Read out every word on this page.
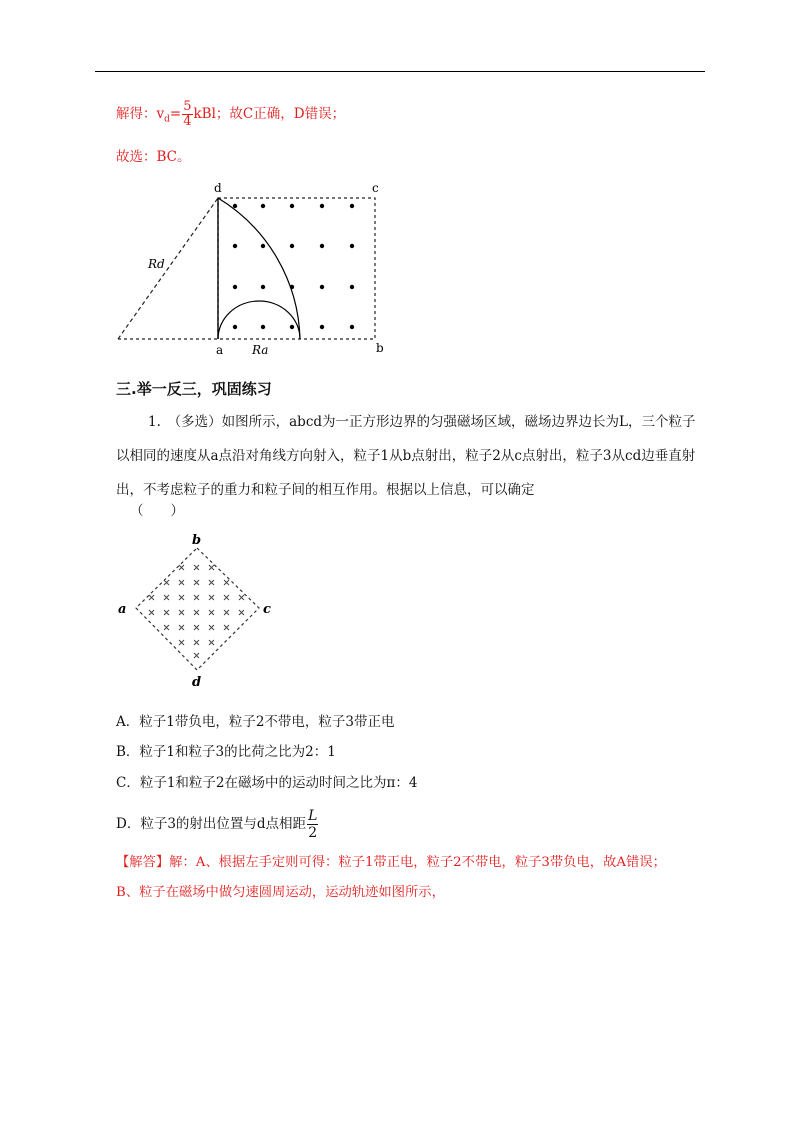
解得：$v_d= \frac{5}{4}$ kBl；故C正确，D错误；
故选：BC。
d	c
a	b
Rd
Ra
三.举一反三，巩固练习
1.　（多选）如图所示，abcd为一正方形边界的匀强磁场区域，磁场边界边长为L，三个粒子以相同的速度从a点沿对角线方向射入，粒子1从b点射出，粒子2从c点射出，粒子3从cd边垂直射出，不考虑粒子的重力和粒子间的相互作用。根据以上信息，可以确定
（　　）
b
a	c
d
A．粒子1带负电，粒子2不带电，粒子3带正电
B．粒子1和粒子3的比荷之比为2：1
C．粒子1和粒子2在磁场中的运动时间之比为π：4
D．粒子3的射出位置与d点相距 $\frac{L}{2}$
【解答】解：A、根据左手定则可得：粒子1带正电，粒子2不带电，粒子3带负电，故A错误；
B、粒子在磁场中做匀速圆周运动，运动轨迹如图所示，
